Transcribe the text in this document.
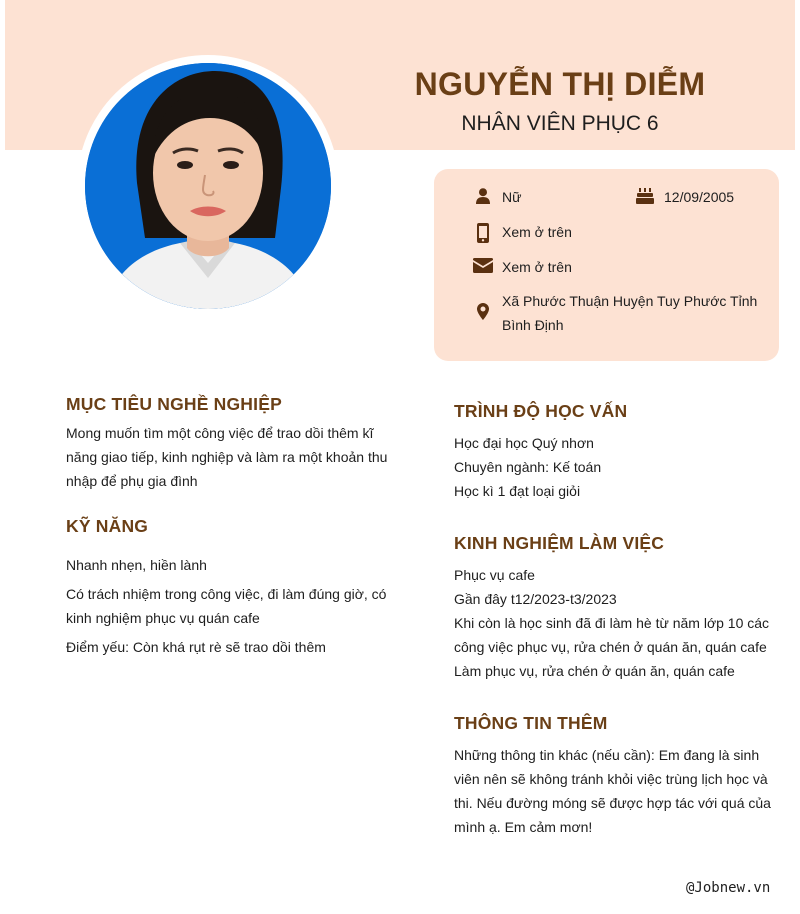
NGUYỄN THỊ DIỄM
NHÂN VIÊN PHỤC 6
Nữ	12/09/2005
Xem ở trên
Xem ở trên
Xã Phước Thuận Huyện Tuy Phước Tỉnh
Bình Định
MỤC TIÊU NGHỀ NGHIỆP
Mong muốn tìm một công việc để trao dồi thêm kĩ
năng giao tiếp, kinh nghiệp và làm ra một khoản thu
nhập để phụ gia đình
KỸ NĂNG
Nhanh nhẹn, hiền lành
Có trách nhiệm trong công việc, đi làm đúng giờ, có
kinh nghiệm phục vụ quán cafe
Điểm yếu: Còn khá rụt rè sẽ trao dồi thêm
TRÌNH ĐỘ HỌC VẤN
Học đại học Quý nhơn
Chuyên ngành: Kế toán
Học kì 1 đạt loại giỏi
KINH NGHIỆM LÀM VIỆC
Phục vụ cafe
Gần đây t12/2023-t3/2023
Khi còn là học sinh đã đi làm hè từ năm lớp 10 các
công việc phục vụ, rửa chén ở quán ăn, quán cafe
Làm phục vụ, rửa chén ở quán ăn, quán cafe
THÔNG TIN THÊM
Những thông tin khác (nếu cần): Em đang là sinh
viên nên sẽ không tránh khỏi việc trùng lịch học và
thi. Nếu đường móng sẽ được hợp tác với quá của
mình ạ. Em cảm mơn!
@Jobnew.vn
